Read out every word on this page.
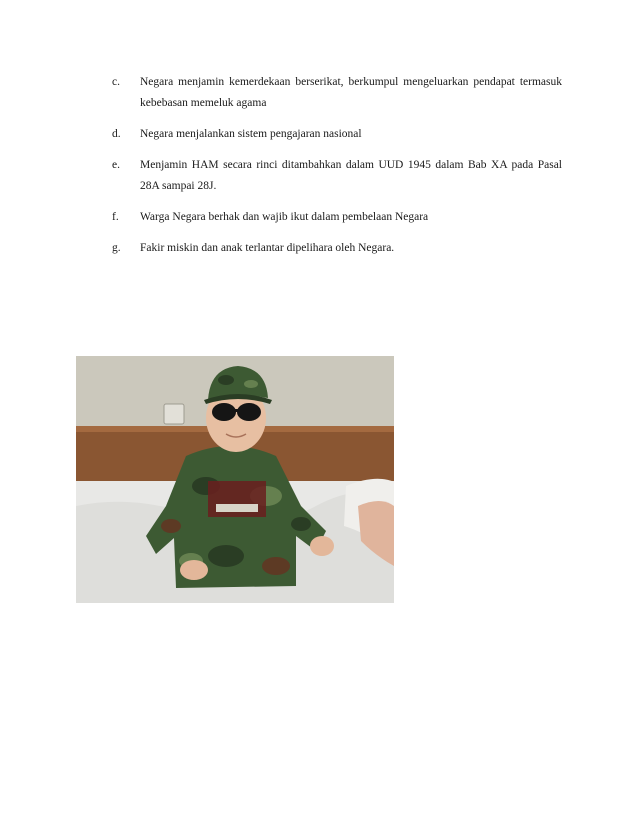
c.	Negara menjamin kemerdekaan berserikat, berkumpul mengeluarkan pendapat termasuk kebebasan memeluk agama
d.	Negara menjalankan sistem pengajaran nasional
e.	Menjamin HAM secara rinci ditambahkan dalam UUD 1945 dalam Bab XA pada Pasal 28A sampai 28J.
f.	Warga Negara berhak dan wajib ikut dalam pembelaan Negara
g.	Fakir miskin dan anak terlantar dipelihara oleh Negara.
